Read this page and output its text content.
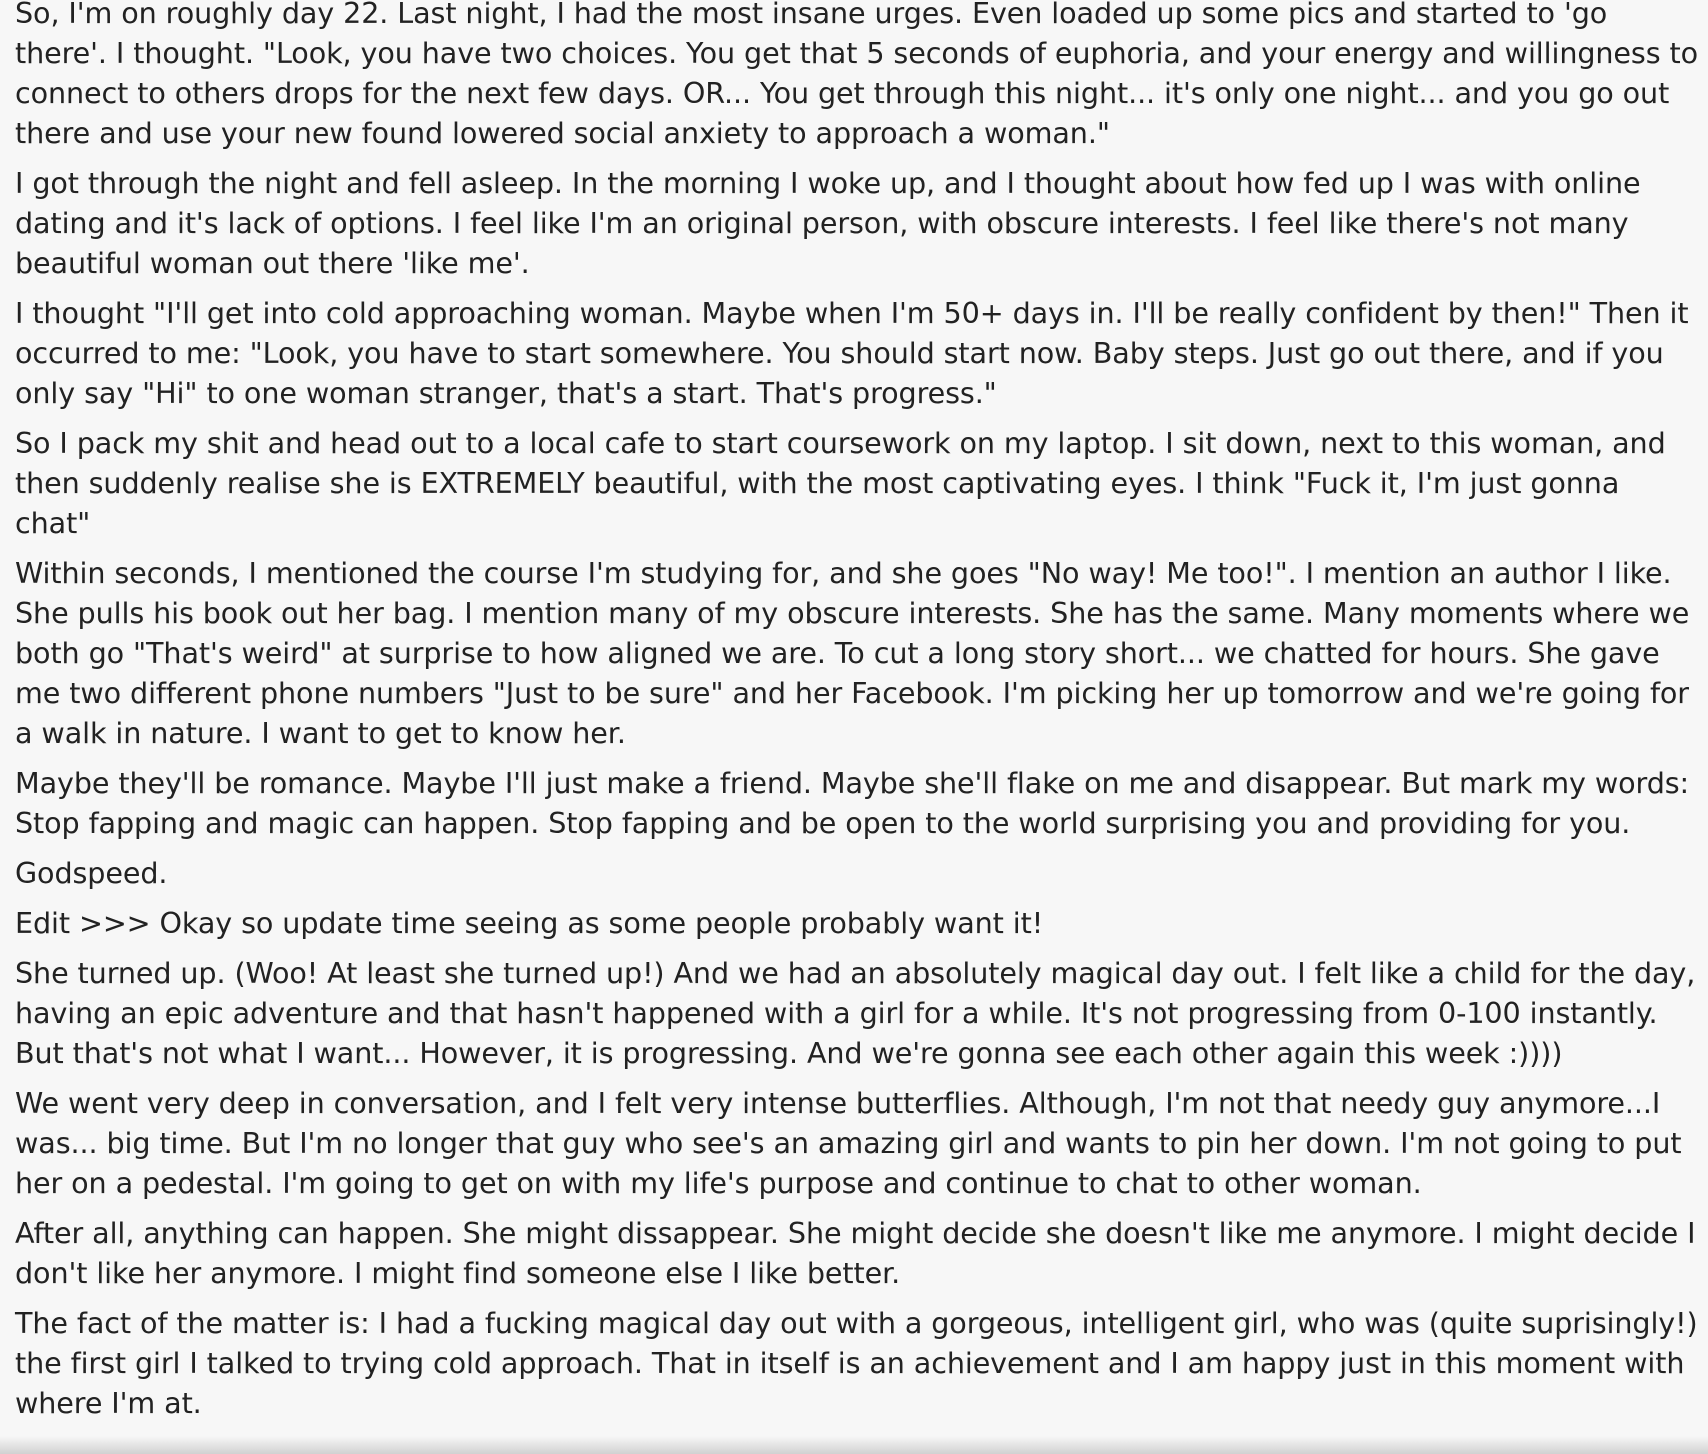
So, I'm on roughly day 22. Last night, I had the most insane urges. Even loaded up some pics and started to 'go there'. I thought. "Look, you have two choices. You get that 5 seconds of euphoria, and your energy and willingness to connect to others drops for the next few days. OR... You get through this night... it's only one night... and you go out there and use your new found lowered social anxiety to approach a woman."

I got through the night and fell asleep. In the morning I woke up, and I thought about how fed up I was with online dating and it's lack of options. I feel like I'm an original person, with obscure interests. I feel like there's not many beautiful woman out there 'like me'.

I thought "I'll get into cold approaching woman. Maybe when I'm 50+ days in. I'll be really confident by then!" Then it occurred to me: "Look, you have to start somewhere. You should start now. Baby steps. Just go out there, and if you only say "Hi" to one woman stranger, that's a start. That's progress."

So I pack my shit and head out to a local cafe to start coursework on my laptop. I sit down, next to this woman, and then suddenly realise she is EXTREMELY beautiful, with the most captivating eyes. I think "Fuck it, I'm just gonna chat"

Within seconds, I mentioned the course I'm studying for, and she goes "No way! Me too!". I mention an author I like. She pulls his book out her bag. I mention many of my obscure interests. She has the same. Many moments where we both go "That's weird" at surprise to how aligned we are. To cut a long story short... we chatted for hours. She gave me two different phone numbers "Just to be sure" and her Facebook. I'm picking her up tomorrow and we're going for a walk in nature. I want to get to know her.

Maybe they'll be romance. Maybe I'll just make a friend. Maybe she'll flake on me and disappear. But mark my words: Stop fapping and magic can happen. Stop fapping and be open to the world surprising you and providing for you.

Godspeed.

Edit >>> Okay so update time seeing as some people probably want it!

She turned up. (Woo! At least she turned up!) And we had an absolutely magical day out. I felt like a child for the day, having an epic adventure and that hasn't happened with a girl for a while. It's not progressing from 0-100 instantly. But that's not what I want... However, it is progressing. And we're gonna see each other again this week :))))

We went very deep in conversation, and I felt very intense butterflies. Although, I'm not that needy guy anymore...I was... big time. But I'm no longer that guy who see's an amazing girl and wants to pin her down. I'm not going to put her on a pedestal. I'm going to get on with my life's purpose and continue to chat to other woman.

After all, anything can happen. She might dissappear. She might decide she doesn't like me anymore. I might decide I don't like her anymore. I might find someone else I like better.

The fact of the matter is: I had a fucking magical day out with a gorgeous, intelligent girl, who was (quite suprisingly!) the first girl I talked to trying cold approach. That in itself is an achievement and I am happy just in this moment with where I'm at.
